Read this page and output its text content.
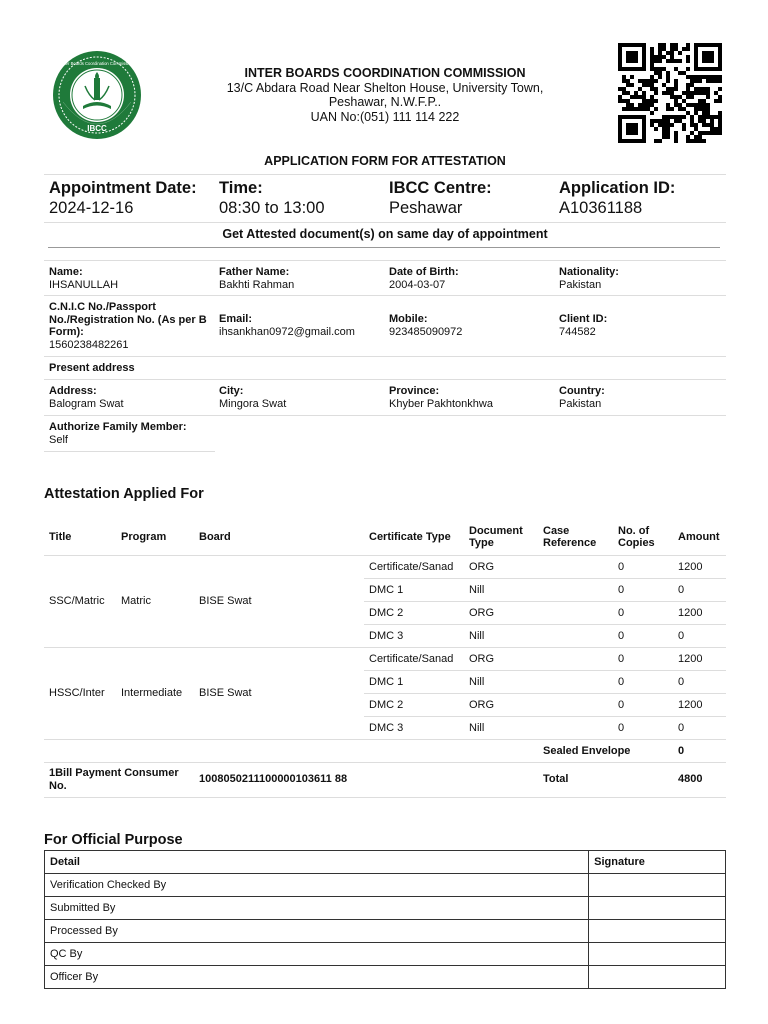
IBCC
Inter Boards Coordination Commission
INTER BOARDS COORDINATION COMMISSION
13/C Abdara Road Near Shelton House, University Town,
Peshawar, N.W.F.P..
UAN No:(051) 111 114 222
APPLICATION FORM FOR ATTESTATION
Appointment Date:
2024-12-16
Time:
08:30 to 13:00
IBCC Centre:
Peshawar
Application ID:
A10361188
Get Attested document(s) on same day of appointment
Name:
IHSANULLAH
Father Name:
Bakhti Rahman
Date of Birth:
2004-03-07
Nationality:
Pakistan
C.N.I.C No./Passport No./Registration No. (As per B Form):
1560238482261
Email:
ihsankhan0972@gmail.com
Mobile:
923485090972
Client ID:
744582
Present address
Address:
Balogram Swat
City:
Mingora Swat
Province:
Khyber Pakhtonkhwa
Country:
Pakistan
Authorize Family Member:
Self
Attestation Applied For
Title	Program	Board	Certificate Type	Document Type	Case Reference	No. of Copies	Amount
SSC/Matric	Matric	BISE Swat	Certificate/Sanad	ORG		0	1200
			DMC 1	Nill		0	0
			DMC 2	ORG		0	1200
			DMC 3	Nill		0	0
HSSC/Inter	Intermediate	BISE Swat	Certificate/Sanad	ORG		0	1200
			DMC 1	Nill		0	0
			DMC 2	ORG		0	1200
			DMC 3	Nill		0	0
					Sealed Envelope		0
1Bill Payment Consumer No.		1008050211100000103611 88			Total		4800
For Official Purpose
Detail	Signature
Verification Checked By	
Submitted By	
Processed By	
QC By	
Officer By	
